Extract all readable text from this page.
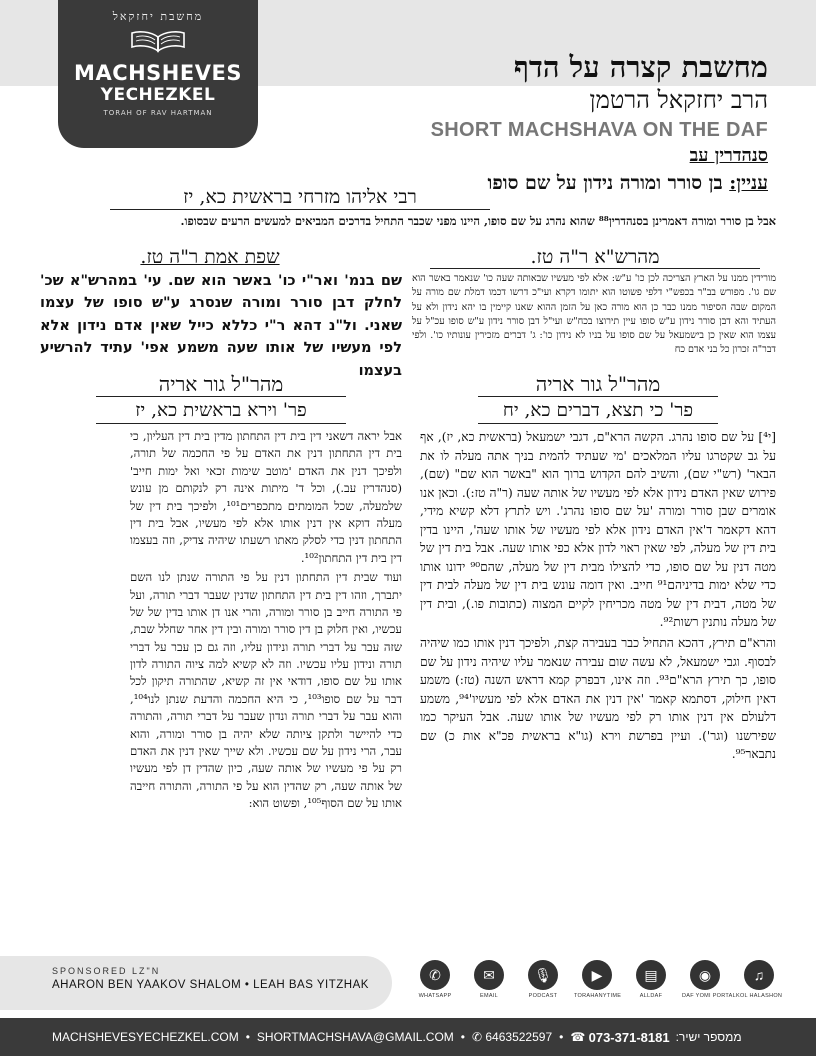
מחשבת יחזקאל
MACHSHEVES
YECHEZKEL
TORAH OF RAV HARTMAN
מחשבת קצרה על הדף
הרב יחזקאל הרטמן
SHORT MACHSHAVA ON THE DAF
סנהדרין עב
עניין: בן סורר ומורה נידון על שם סופו
רבי אליהו מזרחי בראשית כא, יז
אבל בן סורר ומורה דאמרינן בסנהדרין⁸⁸ שהוא נהרג על שם סופו, היינו מפני שכבר התחיל בדרכים המביאים למעשים הרעים שבסופו.
מהרש"א ר"ה טז.
מורידין ממנו על הארץ הצריכה לכן כו' ע"ש: אלא לפי מעשיו שבאותה שעה כו' שנאמר באשר הוא שם גו'. מפורש בב"ר בכפש"י דלפי פשוטו הוא יתומו דקרא ועי"כ דרשו דכמו דמלת שם מורה על המקום שבה הסיפור ממנו כבר כן הוא מורה כאן על הזמן ההוא שאנו קיימין בו יהא נידון ולא על העתיד והא דבן סורר נידון ע"ש סופו עיין תירוצו בכח"ש ועי"ל דבן סורר נידון ע"ש סופו עכ"ל על עצמו הוא שאין כן בישמעאל על שם סופו על בניו לא נידון כו': ג' דברים מזכירין עונותיו כו'. ולפי דבר"ה זכרון כל בני אדם כח
שפת אמת ר"ה טז.
שם בנמ' ואר"י כו' באשר הוא שם. עי' במהרש"א שכ' לחלק דבן סורר ומורה שנסרג ע"ש סופו של עצמו שאני. ול"נ דהא ר"י כללא כייל שאין אדם נידון אלא לפי מעשיו של אותו שעה משמע אפי' עתיד להרשיע בעצמו
מהר"ל גור אריה
פר' כי תצא, דברים כא, יח

[י⁴] על שם סופו נהרג. הקשה הרא"ם, דגבי ישמעאל (בראשית כא, יז), אף על גב שקטרגו עליו המלאכים 'מי שעתיד להמית בניך אתה מעלה לו את הבאר' (רש"י שם), והשיב להם הקדוש ברוך הוא "באשר הוא שם" (שם), פירוש שאין האדם נידון אלא לפי מעשיו של אותה שעה (ר"ה טז:). וכאן אנו אומרים שבן סורר ומורה 'על שם סופו נהרג'. ויש לתרץ דלא קשיא מידי, דהא דקאמר ד'אין האדם נידון אלא לפי מעשיו של אותו שעה', היינו בדין בית דין של מעלה, לפי שאין ראוי לדון אלא כפי אותו שעה. אבל בית דין של מטה דנין על שם סופו, כדי להצילו מבית דין של מעלה, שהם⁹⁰ ידונו אותו כדי שלא ימות בדיניהם⁹¹ חייב. ואין דומה עונש בית דין של מעלה לבית דין של מטה, דבית דין של מטה מכריחין לקיים המצוה (כתובות פו.), ובית דין של מעלה נותנין רשות⁹².

והרא"ם תירץ, דהכא התחיל כבר בעבירה קצת, ולפיכך דנין אותו כמו שיהיה לבסוף. וגבי ישמעאל, לא עשה שום עבירה שנאמר עליו שיהיה נידון על שם סופו, כך תירץ הרא"ם⁹³. וזה אינו, דבפרק קמא דראש השנה (טז:) משמע דאין חילוק, דסתמא קאמר 'אין דנין את האדם אלא לפי מעשיו'⁹⁴, משמע דלעולם אין דנין אותו רק לפי מעשיו של אותו שעה. אבל העיקר כמו שפירשנו (וגר'). ועיין בפרשת וירא (גו"א בראשית פכ"א אות כ) שם נתבאר⁹⁵.

מהר"ל גור אריה
פר' וירא בראשית כא, יז

אבל יראה דשאני דין בית דין התחתון מדין בית דין העליון, כי בית דין התחתון דנין את האדם על פי החכמה של תורה, ולפיכך דנין את האדם 'מוטב שימות זכאי ואל ימות חייב' (סנהדרין עב.), וכל ד' מיתות אינה רק לנקותם מן עונש שלמעלה, שכל המומתים מתכפרים¹⁰¹, ולפיכך בית דין של מעלה דוקא אין דנין אותו אלא לפי מעשיו, אבל בית דין התחתון דנין כדי לסלק מאתו רשעתו שיהיה צדיק, וזה בעצמו דין בית דין התחתון¹⁰².

ועוד שבית דין התחתון דנין על פי התורה שנתן לנו השם יתברך, וזהו דין בית דין התחתון שדנין שעבר דברי תורה, ועל פי התורה חייב בן סורר ומורה, והרי אנו דן אותו בדין של של עכשיו, ואין חלוק בן דין סורר ומורה ובין דין אחר שחלל שבת, שזה עבר על דברי תורה ונידון עליו, וזה גם כן עבר על דברי תורה ונידון עליו עכשיו. וזה לא קשיא למה ציוה התורה לדון אותו על שם סופו, דודאי אין זה קשיא, שהתורה תיקון לכל דבר על שם סופו¹⁰³, כי היא החכמה והדעת שנתן לנו¹⁰⁴, והוא עבר על דברי תורה ונדון שעבר על דברי תורה, והתורה כדי להיישר ולתקן ציותה שלא יהיה בן סורר ומורה, והוא עבר, הרי נידון על שם עכשיו. ולא שייך שאין דנין את האדם רק על פי מעשיו של אותה שעה, כיון שהדין דן לפי מעשיו של אותה שעה, רק שהדין הוא על פי התורה, והתורה חייבה אותו על שם הסוף¹⁰⁵, ופשוט הוא:

SPONSORED LZ"N
AHARON BEN YAAKOV SHALOM • LEAH BAS YITZHAK
✆
WHATSAPP
✉
EMAIL
🎙
PODCAST
▶
TORAHANYTIME
▤
ALLDAF
◉
DAF YOMI PORTAL
♫
KOL HALASHON
MACHSHEVESYECHEZKEL.COM • SHORTMACHSHAVA@GMAIL.COM • ✆ 6463522597 • ☎ 073-371-8181 :ממספר ישיר
